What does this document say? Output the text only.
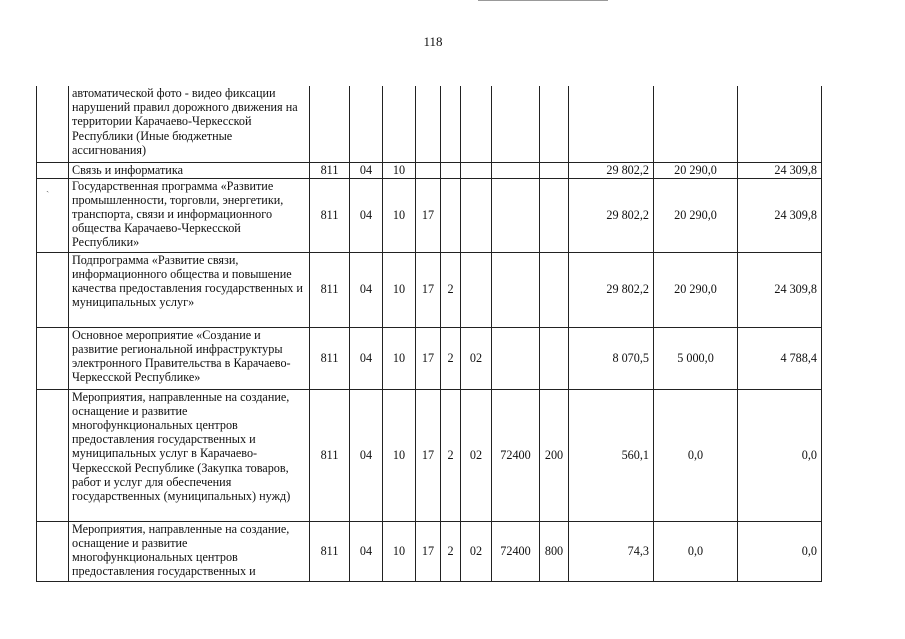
118
	автоматической фото - видео фиксации нарушений правил дорожного движения на территории Карачаево-Черкесской Республики (Иные бюджетные ассигнования)											
	Связь и информатика	811	04	10						29 802,2	20 290,0	24 309,8
	Государственная программа «Развитие промышленности, торговли, энергетики, транспорта, связи и информационного общества Карачаево-Черкесской Республики»	811	04	10	17					29 802,2	20 290,0	24 309,8
	Подпрограмма «Развитие связи, информационного общества и повышение качества предоставления государственных и муниципальных услуг»	811	04	10	17	2				29 802,2	20 290,0	24 309,8
	Основное мероприятие «Создание и развитие региональной инфраструктуры электронного Правительства в Карачаево-Черкесской Республике»	811	04	10	17	2	02			8 070,5	5 000,0	4 788,4
	Мероприятия, направленные на создание, оснащение и развитие многофункциональных центров предоставления государственных и муниципальных услуг в Карачаево-Черкесской Республике (Закупка товаров, работ и услуг для обеспечения государственных (муниципальных) нужд)	811	04	10	17	2	02	72400	200	560,1	0,0	0,0
	Мероприятия, направленные на создание, оснащение и развитие многофункциональных центров предоставления государственных и	811	04	10	17	2	02	72400	800	74,3	0,0	0,0
ˎ
